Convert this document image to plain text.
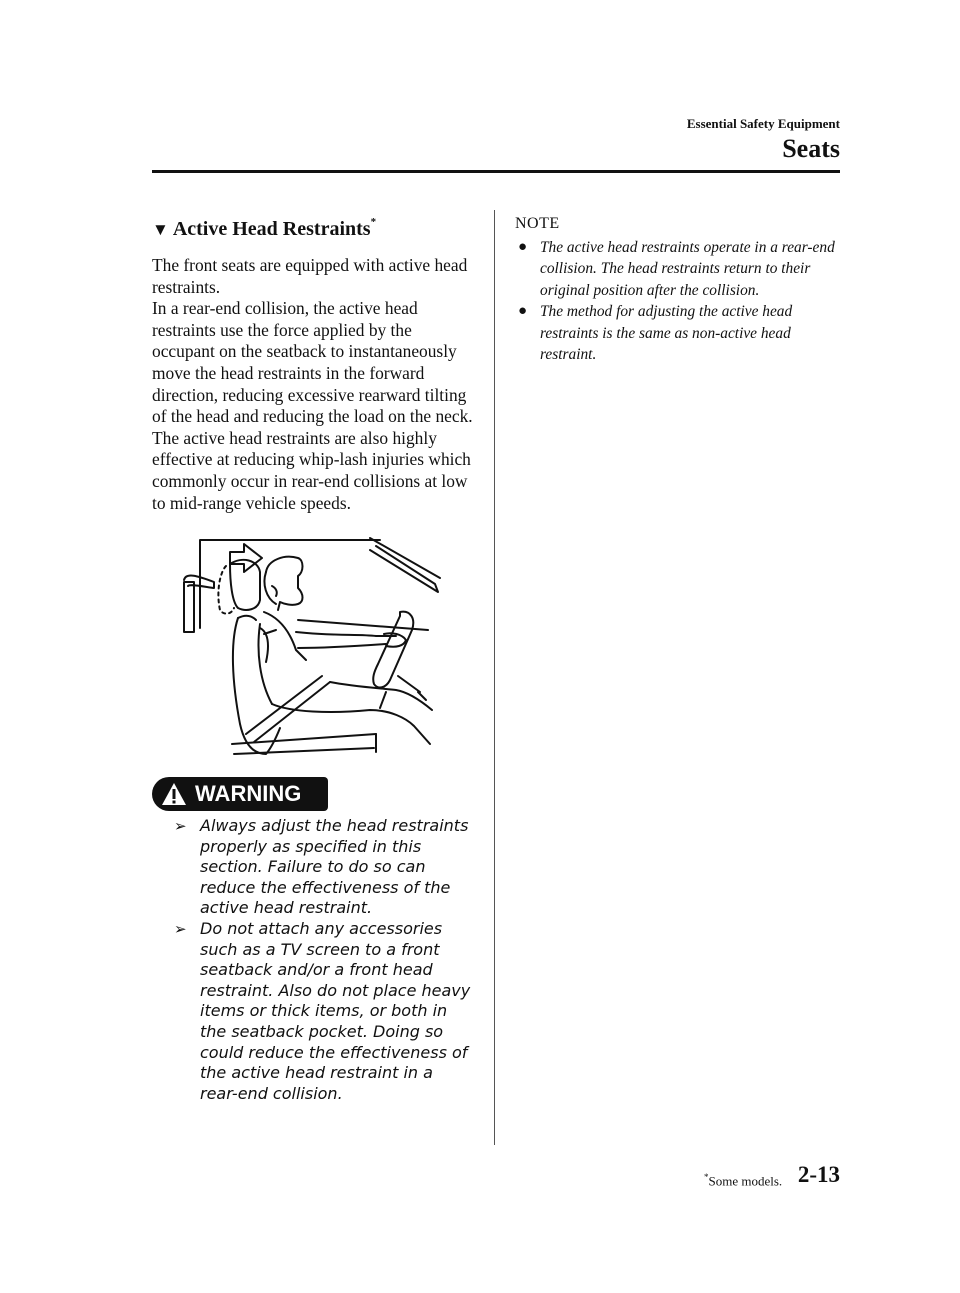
Essential Safety Equipment
Seats
▼ Active Head Restraints*

The front seats are equipped with active head restraints.
In a rear-end collision, the active head restraints use the force applied by the occupant on the seatback to instantaneously move the head restraints in the forward direction, reducing excessive rearward tilting of the head and reducing the load on the neck. The active head restraints are also highly effective at reducing whip-lash injuries which commonly occur in rear-end collisions at low to mid-range vehicle speeds.

WARNING
➢ Always adjust the head restraints properly as specified in this section. Failure to do so can reduce the effectiveness of the active head restraint.
➢ Do not attach any accessories such as a TV screen to a front seatback and/or a front head restraint. Also do not place heavy items or thick items, or both in the seatback pocket. Doing so could reduce the effectiveness of the active head restraint in a rear-end collision.

NOTE

● The active head restraints operate in a rear-end collision. The head restraints return to their original position after the collision.
● The method for adjusting the active head restraints is the same as non-active head restraint.
*Some models. 2-13
